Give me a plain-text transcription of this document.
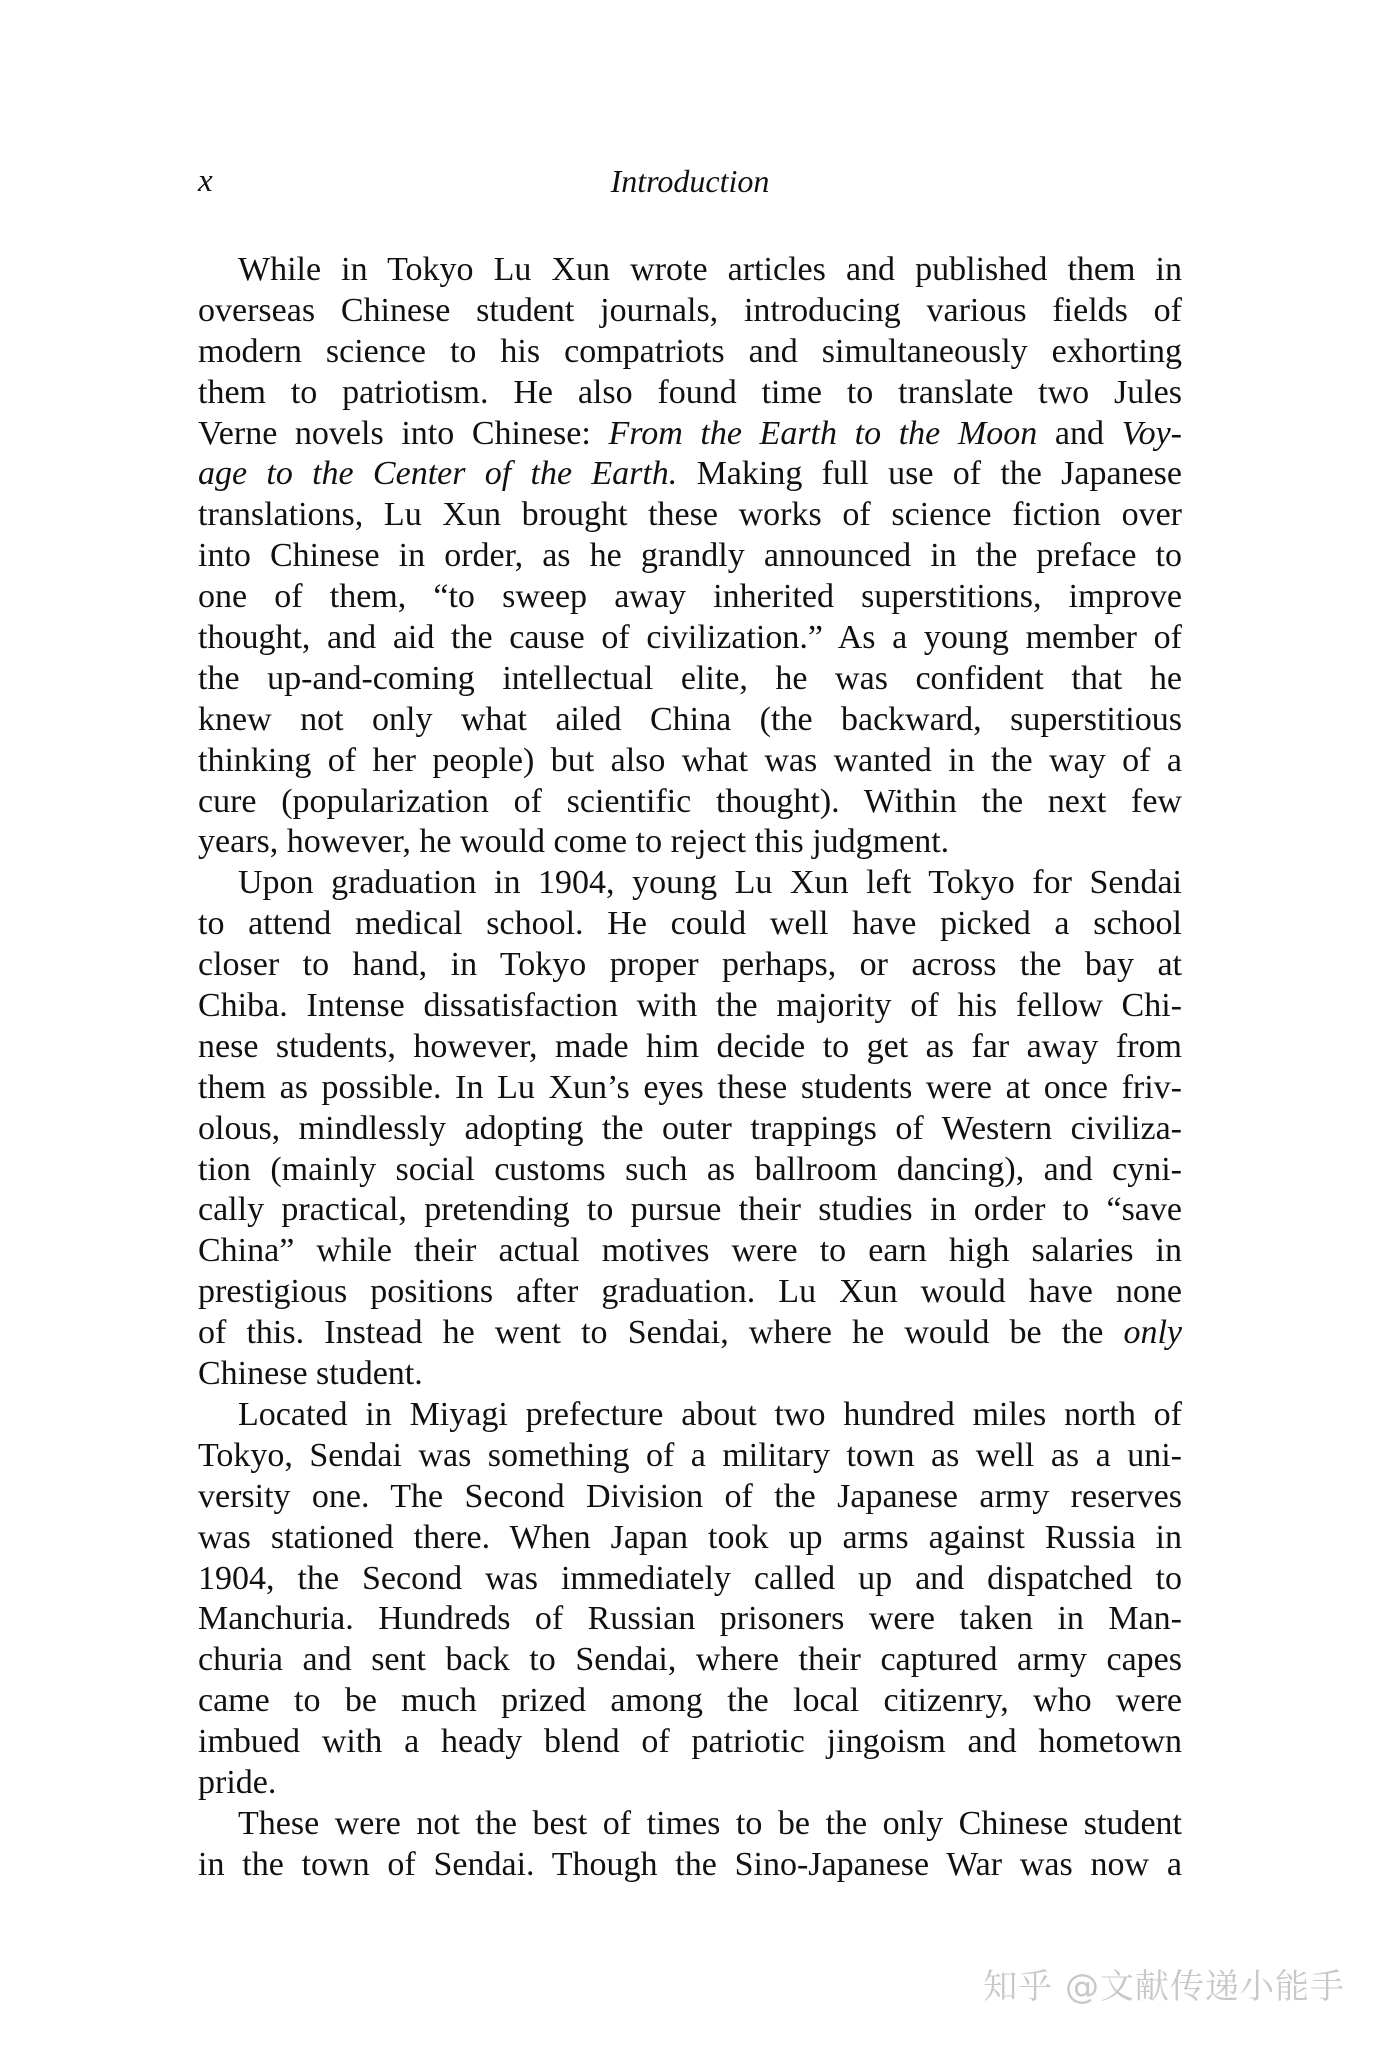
x	Introduction
While in Tokyo Lu Xun wrote articles and published them in
overseas Chinese student journals, introducing various fields of
modern science to his compatriots and simultaneously exhorting
them to patriotism. He also found time to translate two Jules
Verne novels into Chinese: From the Earth to the Moon and Voy-
age to the Center of the Earth. Making full use of the Japanese
translations, Lu Xun brought these works of science fiction over
into Chinese in order, as he grandly announced in the preface to
one of them, “to sweep away inherited superstitions, improve
thought, and aid the cause of civilization.” As a young member of
the up-and-coming intellectual elite, he was confident that he
knew not only what ailed China (the backward, superstitious
thinking of her people) but also what was wanted in the way of a
cure (popularization of scientific thought). Within the next few
years, however, he would come to reject this judgment.
Upon graduation in 1904, young Lu Xun left Tokyo for Sendai
to attend medical school. He could well have picked a school
closer to hand, in Tokyo proper perhaps, or across the bay at
Chiba. Intense dissatisfaction with the majority of his fellow Chi-
nese students, however, made him decide to get as far away from
them as possible. In Lu Xun’s eyes these students were at once friv-
olous, mindlessly adopting the outer trappings of Western civiliza-
tion (mainly social customs such as ballroom dancing), and cyni-
cally practical, pretending to pursue their studies in order to “save
China” while their actual motives were to earn high salaries in
prestigious positions after graduation. Lu Xun would have none
of this. Instead he went to Sendai, where he would be the only
Chinese student.
Located in Miyagi prefecture about two hundred miles north of
Tokyo, Sendai was something of a military town as well as a uni-
versity one. The Second Division of the Japanese army reserves
was stationed there. When Japan took up arms against Russia in
1904, the Second was immediately called up and dispatched to
Manchuria. Hundreds of Russian prisoners were taken in Man-
churia and sent back to Sendai, where their captured army capes
came to be much prized among the local citizenry, who were
imbued with a heady blend of patriotic jingoism and hometown
pride.
These were not the best of times to be the only Chinese student
in the town of Sendai. Though the Sino-Japanese War was now a
知乎 @文献传递小能手
